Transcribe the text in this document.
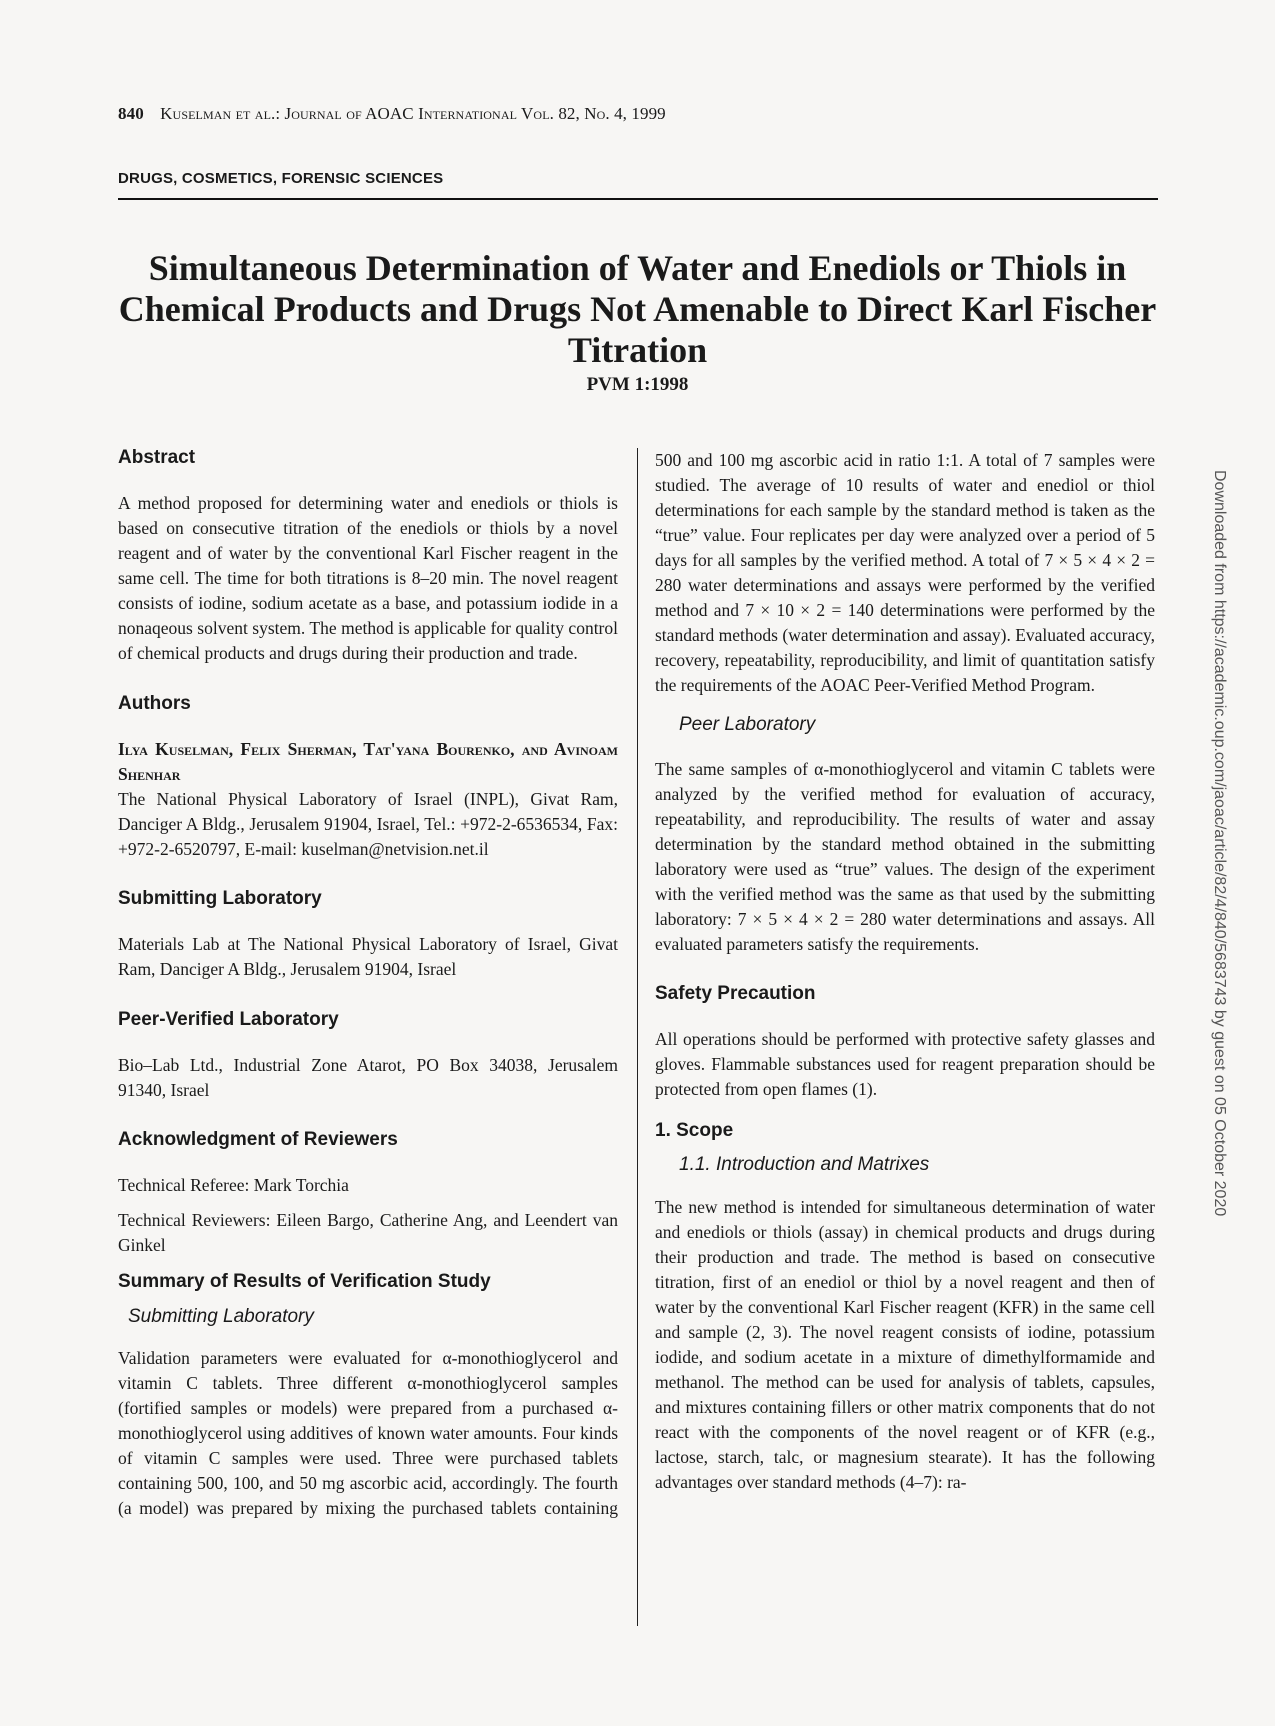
840 Kuselman et al.: Journal of AOAC International Vol. 82, No. 4, 1999
DRUGS, COSMETICS, FORENSIC SCIENCES
Simultaneous Determination of Water and Enediols or Thiols in Chemical Products and Drugs Not Amenable to Direct Karl Fischer Titration
PVM 1:1998
Abstract

A method proposed for determining water and enediols or thiols is based on consecutive titration of the enediols or thiols by a novel reagent and of water by the conventional Karl Fischer reagent in the same cell. The time for both titrations is 8–20 min. The novel reagent consists of iodine, sodium acetate as a base, and potassium iodide in a nonaqeous solvent system. The method is applicable for quality control of chemical products and drugs during their production and trade.

Authors

Ilya Kuselman, Felix Sherman, Tat'yana Bourenko, and Avinoam Shenhar

The National Physical Laboratory of Israel (INPL), Givat Ram, Danciger A Bldg., Jerusalem 91904, Israel, Tel.: +972-2-6536534, Fax: +972-2-6520797, E-mail: kuselman@netvision.net.il

Submitting Laboratory

Materials Lab at The National Physical Laboratory of Israel, Givat Ram, Danciger A Bldg., Jerusalem 91904, Israel

Peer-Verified Laboratory

Bio–Lab Ltd., Industrial Zone Atarot, PO Box 34038, Jerusalem 91340, Israel

Acknowledgment of Reviewers

Technical Referee: Mark Torchia

Technical Reviewers: Eileen Bargo, Catherine Ang, and Leendert van Ginkel

Summary of Results of Verification Study
Submitting Laboratory

Validation parameters were evaluated for α-monothioglycerol and vitamin C tablets. Three different α-monothioglycerol samples (fortified samples or models) were prepared from a purchased α-monothioglycerol using additives of known water amounts. Four kinds of vitamin C samples were used. Three were purchased tablets containing 500, 100, and 50 mg ascorbic acid, accordingly. The fourth (a model) was prepared by mixing the purchased tablets containing

500 and 100 mg ascorbic acid in ratio 1:1. A total of 7 samples were studied. The average of 10 results of water and enediol or thiol determinations for each sample by the standard method is taken as the “true” value. Four replicates per day were analyzed over a period of 5 days for all samples by the verified method. A total of 7 × 5 × 4 × 2 = 280 water determinations and assays were performed by the verified method and 7 × 10 × 2 = 140 determinations were performed by the standard methods (water determination and assay). Evaluated accuracy, recovery, repeatability, reproducibility, and limit of quantitation satisfy the requirements of the AOAC Peer-Verified Method Program.

Peer Laboratory

The same samples of α-monothioglycerol and vitamin C tablets were analyzed by the verified method for evaluation of accuracy, repeatability, and reproducibility. The results of water and assay determination by the standard method obtained in the submitting laboratory were used as “true” values. The design of the experiment with the verified method was the same as that used by the submitting laboratory: 7 × 5 × 4 × 2 = 280 water determinations and assays. All evaluated parameters satisfy the requirements.

Safety Precaution

All operations should be performed with protective safety glasses and gloves. Flammable substances used for reagent preparation should be protected from open flames (1).

1. Scope
1.1. Introduction and Matrixes

The new method is intended for simultaneous determination of water and enediols or thiols (assay) in chemical products and drugs during their production and trade. The method is based on consecutive titration, first of an enediol or thiol by a novel reagent and then of water by the conventional Karl Fischer reagent (KFR) in the same cell and sample (2, 3). The novel reagent consists of iodine, potassium iodide, and sodium acetate in a mixture of dimethylformamide and methanol. The method can be used for analysis of tablets, capsules, and mixtures containing fillers or other matrix components that do not react with the components of the novel reagent or of KFR (e.g., lactose, starch, talc, or magnesium stearate). It has the following advantages over standard methods (4–7): ra-

Downloaded from https://academic.oup.com/jaoac/article/82/4/840/5683743 by guest on 05 October 2020
